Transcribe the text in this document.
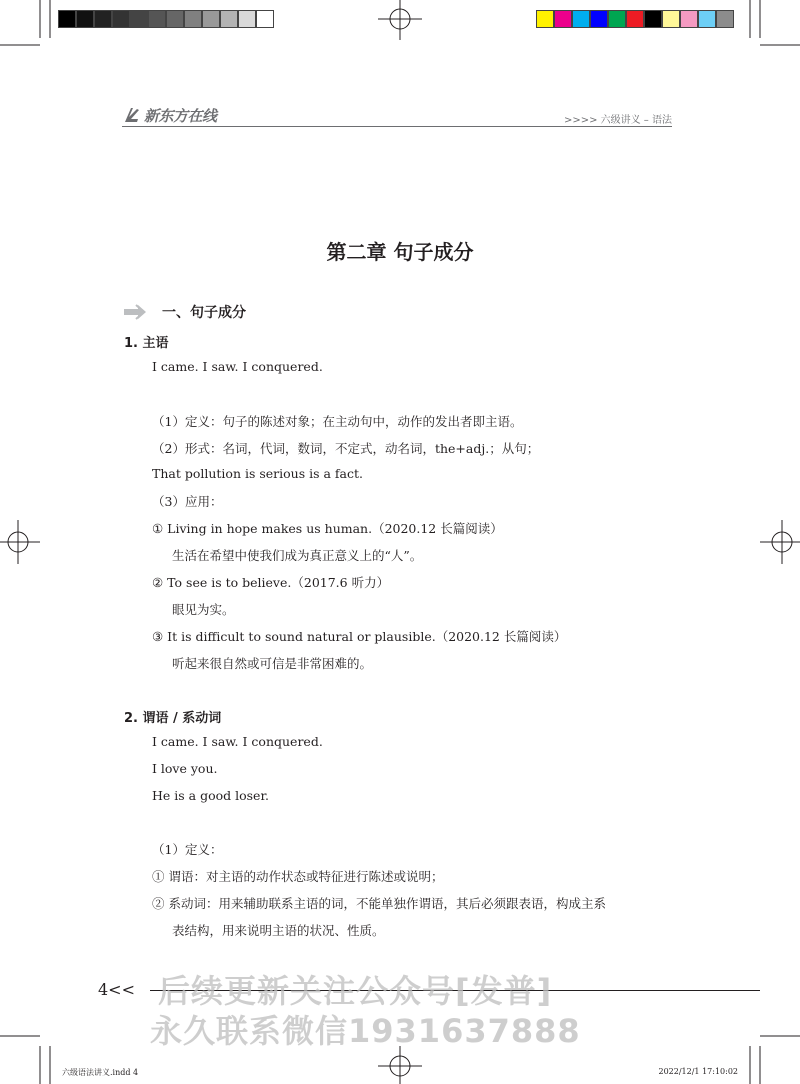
新东方在线	>>>> 六级讲义 – 语法
第二章 句子成分
一、句子成分
1. 主语
I came. I saw. I conquered.
（1）定义：句子的陈述对象；在主动句中，动作的发出者即主语。
（2）形式：名词，代词，数词，不定式，动名词，the+adj.；从句；
That pollution is serious is a fact.
（3）应用：
① Living in hope makes us human.（2020.12 长篇阅读）
生活在希望中使我们成为真正意义上的“人”。
② To see is to believe.（2017.6 听力）
眼见为实。
③ It is difficult to sound natural or plausible.（2020.12 长篇阅读）
听起来很自然或可信是非常困难的。
2. 谓语 / 系动词
I came. I saw. I conquered.
I love you.
He is a good loser.
（1）定义：
① 谓语：对主语的动作状态或特征进行陈述或说明；
② 系动词：用来辅助联系主语的词，不能单独作谓语，其后必须跟表语，构成主系
表结构，用来说明主语的状况、性质。
4<< 后续更新关注公众号[发普]
永久联系微信1931637888
六级语法讲义.indd 4	2022/12/1 17:10:02
